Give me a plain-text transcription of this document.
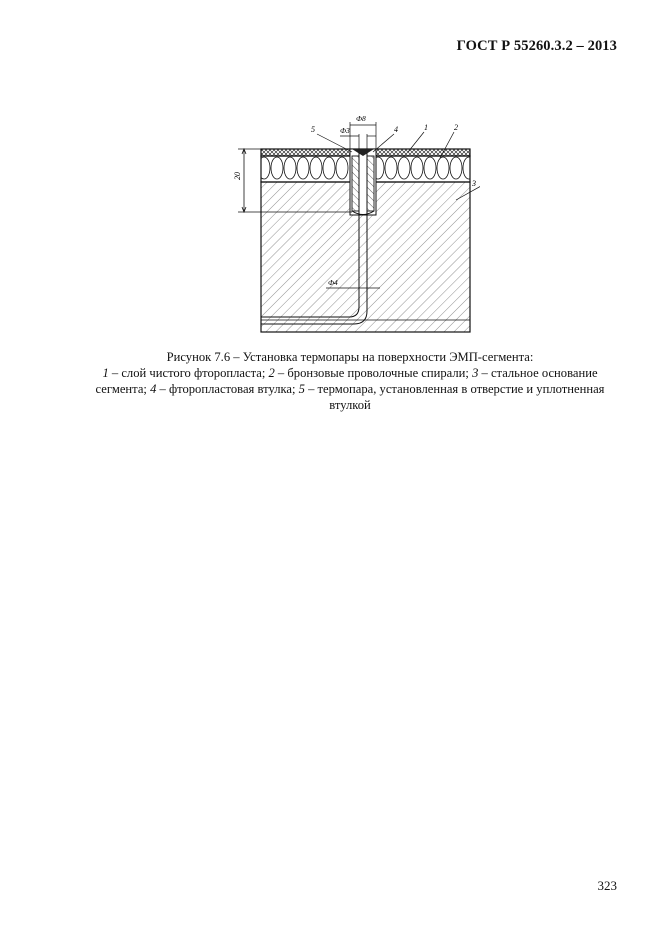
ГОСТ Р 55260.3.2 – 2013
20
Ф8
Ф3
Ф4
5	4	1	2
3
Рисунок 7.6 – Установка термопары на поверхности ЭМП-сегмента:
1 – слой чистого фторопласта; 2 – бронзовые проволочные спирали; 3 – стальное основание сегмента; 4 – фторопластовая втулка; 5 – термопара, установленная в отверстие и уплотненная втулкой
323
